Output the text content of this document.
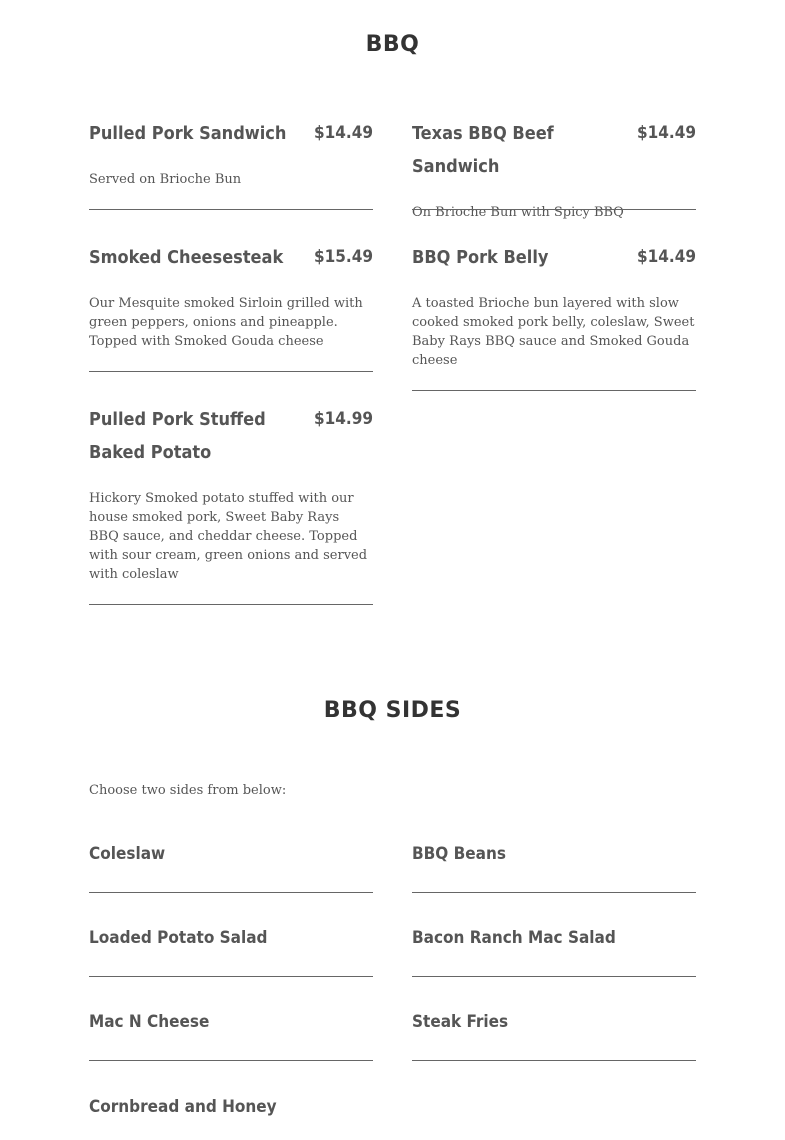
BBQ
Pulled Pork Sandwich $14.49
Served on Brioche Bun
Texas BBQ Beef Sandwich
$14.49
On Brioche Bun with Spicy BBQ
Smoked Cheesesteak $15.49
Our Mesquite smoked Sirloin grilled with green peppers, onions and pineapple. Topped with Smoked Gouda cheese
BBQ Pork Belly	$14.49
A toasted Brioche bun layered with slow cooked smoked pork belly, coleslaw, Sweet Baby Rays BBQ sauce and Smoked Gouda cheese
Pulled Pork Stuffed Baked Potato
$14.99
Hickory Smoked potato stuffed with our house smoked pork, Sweet Baby Rays BBQ sauce, and cheddar cheese. Topped with sour cream, green onions and served with coleslaw
BBQ SIDES
Choose two sides from below:
Coleslaw	BBQ Beans
Loaded Potato Salad	Bacon Ranch Mac Salad
Mac N Cheese	Steak Fries
Cornbread and Honey
